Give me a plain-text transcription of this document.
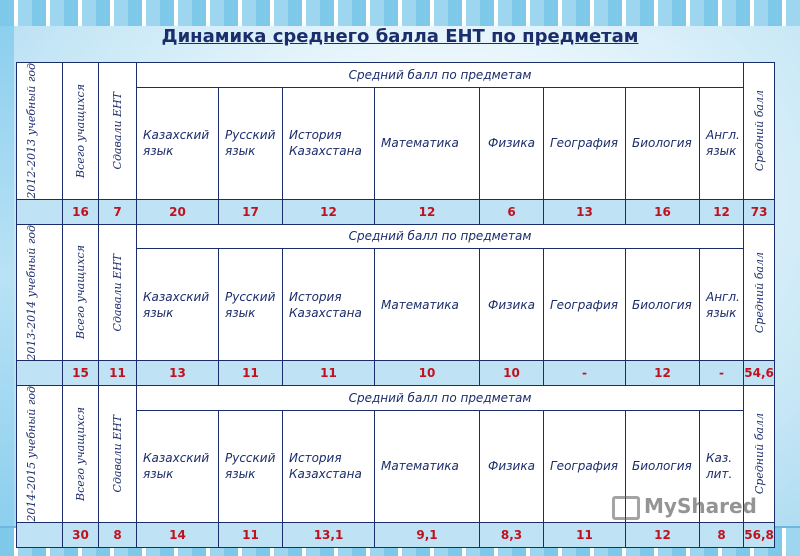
Динамика среднего балла ЕНТ по предметам
2012-2013 учебный год	Всего учащихся	Сдавали ЕНТ	Средний балл по предметам								Средний балл

			Казахский язык	Русский язык	История Казахстана	Математика	Физика	География	Биология	Англ. язык	
	16	7	20	17	12	12	6	13	16	12	73

2013-2014 учебный год	Всего учащихся	Сдавали ЕНТ	Средний балл по предметам								Средний балл

			Казахский язык	Русский язык	История Казахстана	Математика	Физика	География	Биология	Англ. язык	
	15	11	13	11	11	10	10	-	12	-	54,6

2014-2015 учебный год	Всего учащихся	Сдавали ЕНТ	Средний балл по предметам								Средний балл

			Казахский язык	Русский язык	История Казахстана	Математика	Физика	География	Биология	Каз. лит.	
	30	8	14	11	13,1	9,1	8,3	11	12	8	56,8
MyShared
